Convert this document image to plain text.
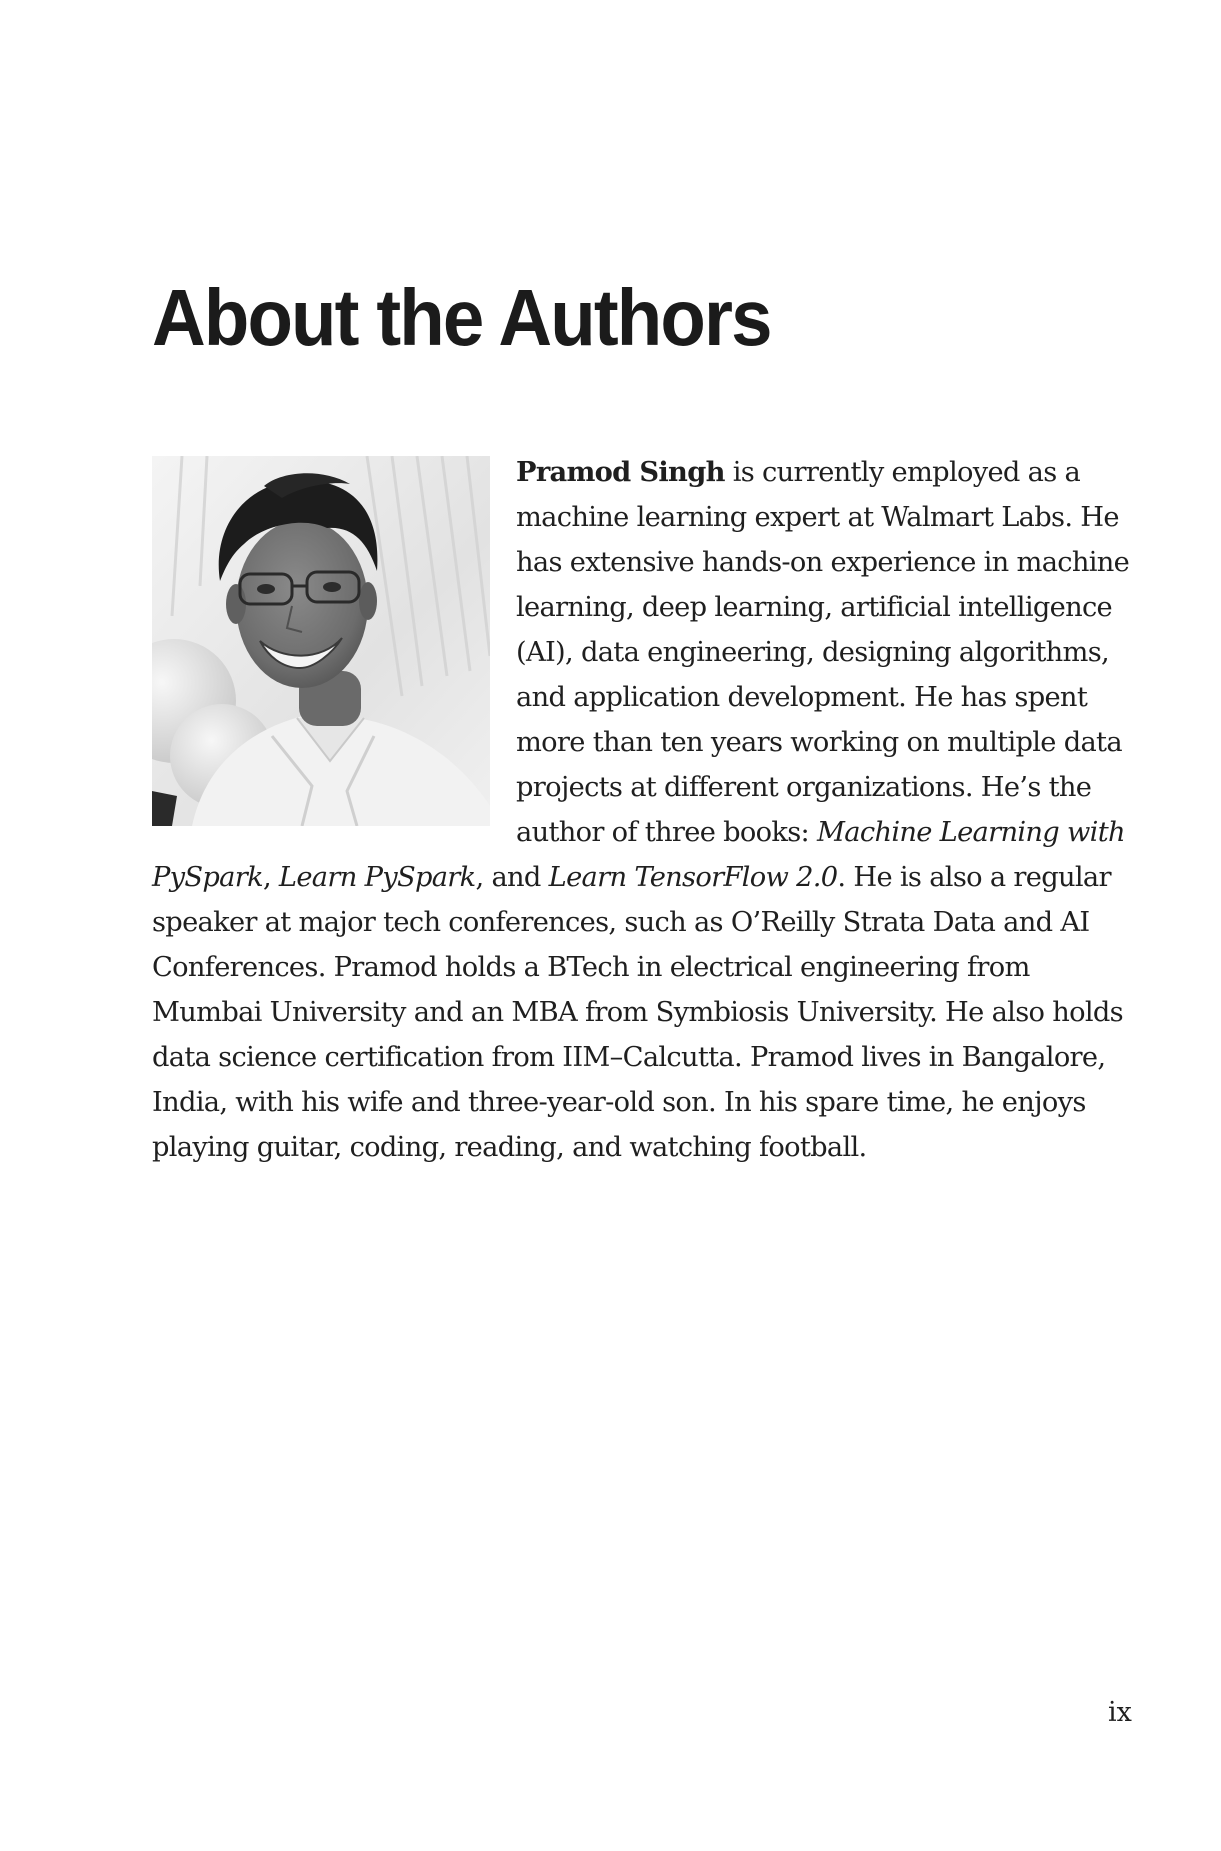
About the Authors

Pramod Singh is currently employed as a machine learning expert at Walmart Labs. He has extensive hands-on experience in machine learning, deep learning, artificial intelligence (AI), data engineering, designing algorithms, and application development. He has spent more than ten years working on multiple data projects at different organizations. He’s the author of three books: Machine Learning with PySpark, Learn PySpark, and Learn TensorFlow 2.0. He is also a regular speaker at major tech conferences, such as O’Reilly Strata Data and AI Conferences. Pramod holds a BTech in electrical engineering from Mumbai University and an MBA from Symbiosis University. He also holds data science certification from IIM–Calcutta. Pramod lives in Bangalore, India, with his wife and three-year-old son. In his spare time, he enjoys playing guitar, coding, reading, and watching football.

ix
